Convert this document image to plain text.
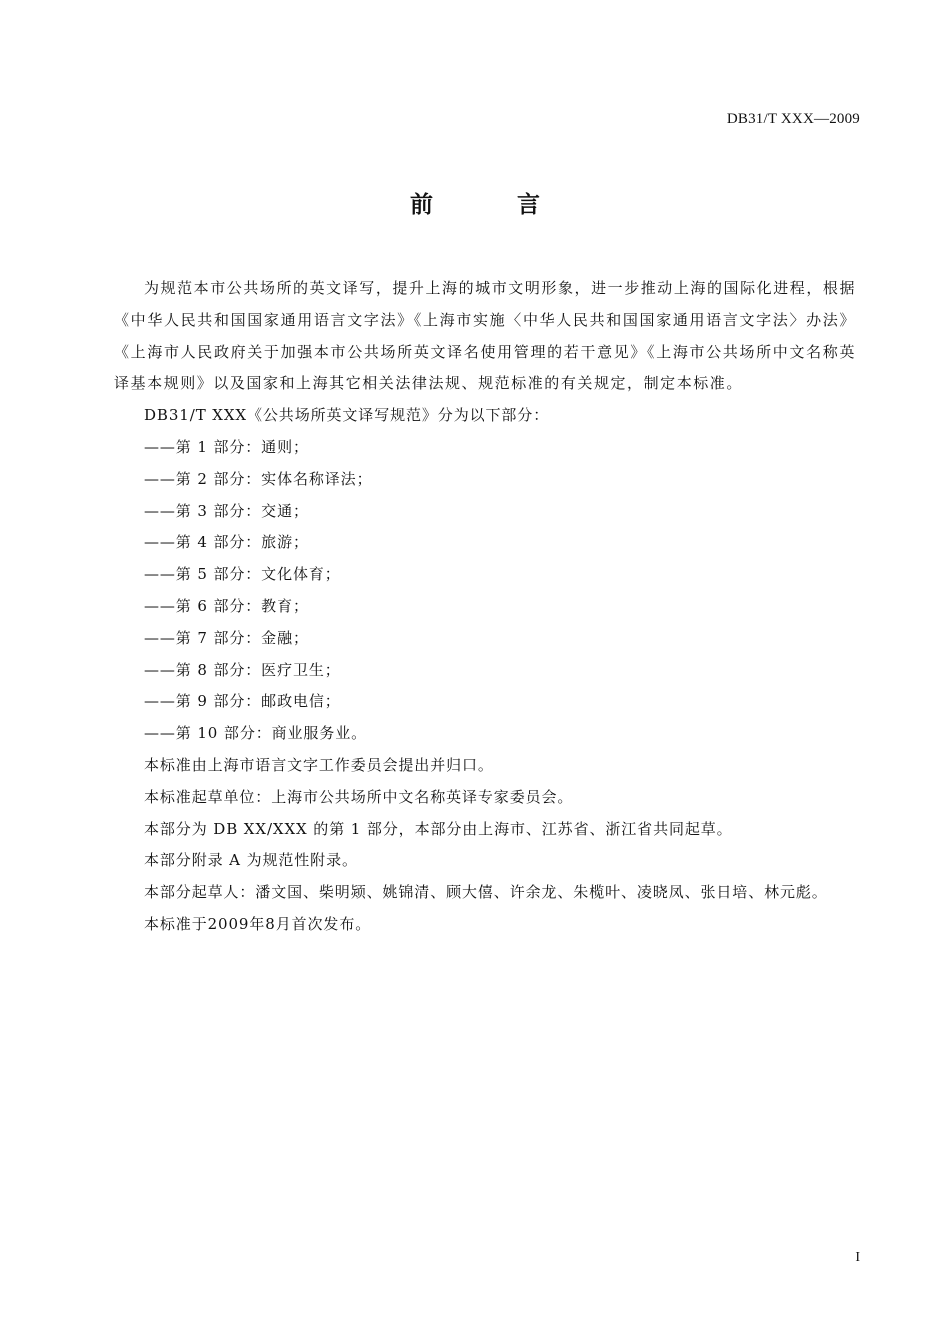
DB31/T XXX—2009
前 言

为规范本市公共场所的英文译写，提升上海的城市文明形象，进一步推动上海的国际化进程，根据《中华人民共和国国家通用语言文字法》《上海市实施〈中华人民共和国国家通用语言文字法〉办法》《上海市人民政府关于加强本市公共场所英文译名使用管理的若干意见》《上海市公共场所中文名称英译基本规则》以及国家和上海其它相关法律法规、规范标准的有关规定，制定本标准。

DB31/T XXX《公共场所英文译写规范》分为以下部分：

——第 1 部分：通则；
——第 2 部分：实体名称译法；
——第 3 部分：交通；
——第 4 部分：旅游；
——第 5 部分：文化体育；
——第 6 部分：教育；
——第 7 部分：金融；
——第 8 部分：医疗卫生；
——第 9 部分：邮政电信；
——第 10 部分：商业服务业。

本标准由上海市语言文字工作委员会提出并归口。

本标准起草单位：上海市公共场所中文名称英译专家委员会。

本部分为 DB XX/XXX 的第 1 部分，本部分由上海市、江苏省、浙江省共同起草。

本部分附录 A 为规范性附录。

本部分起草人：潘文国、柴明颎、姚锦清、顾大僖、许余龙、朱榄叶、凌晓凤、张日培、林元彪。

本标准于2009年8月首次发布。

I
